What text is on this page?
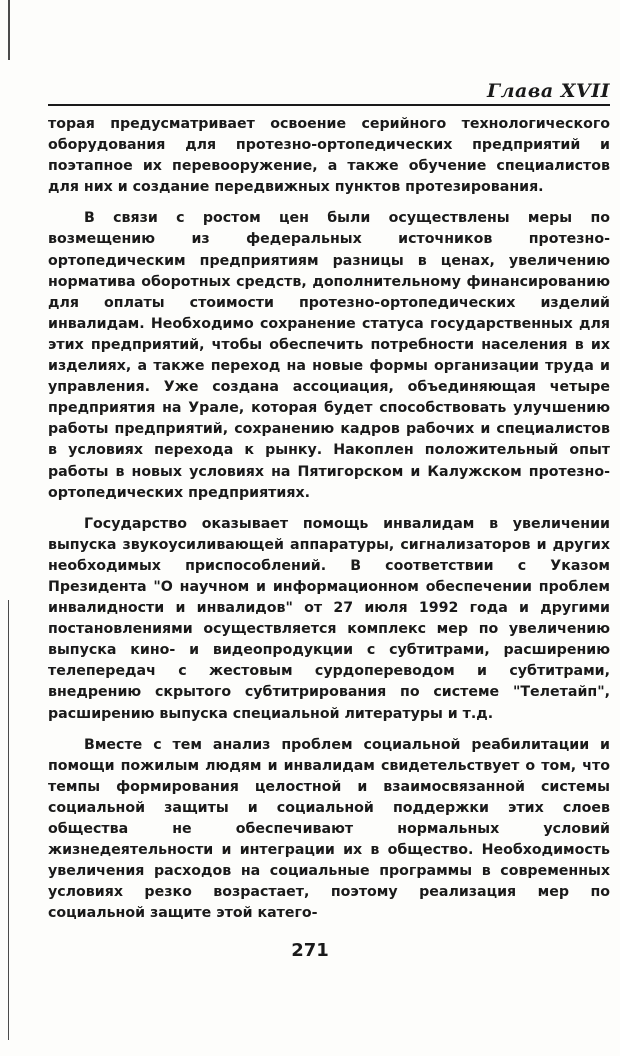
Глава XVII

торая предусматривает освоение серийного технологического оборудования для протезно-ортопедических предприятий и поэтапное их перевооружение, а также обучение специалистов для них и создание передвижных пунктов протезирования.

В связи с ростом цен были осуществлены меры по возмещению из федеральных источников протезно-ортопедическим предприятиям разницы в ценах, увеличению норматива оборотных средств, дополнительному финансированию для оплаты стоимости протезно-ортопедических изделий инвалидам. Необходимо сохранение статуса государственных для этих предприятий, чтобы обеспечить потребности населения в их изделиях, а также переход на новые формы организации труда и управления. Уже создана ассоциация, объединяющая четыре предприятия на Урале, которая будет способствовать улучшению работы предприятий, сохранению кадров рабочих и специалистов в условиях перехода к рынку. Накоплен положительный опыт работы в новых условиях на Пятигорском и Калужском протезно-ортопедических предприятиях.

Государство оказывает помощь инвалидам в увеличении выпуска звукоусиливающей аппаратуры, сигнализаторов и других необходимых приспособлений. В соответствии с Указом Президента "О научном и информационном обеспечении проблем инвалидности и инвалидов" от 27 июля 1992 года и другими постановлениями осуществляется комплекс мер по увеличению выпуска кино- и видеопродукции с субтитрами, расширению телепередач с жестовым сурдопереводом и субтитрами, внедрению скрытого субтитрирования по системе "Телетайп", расширению выпуска специальной литературы и т.д.

Вместе с тем анализ проблем социальной реабилитации и помощи пожилым людям и инвалидам свидетельствует о том, что темпы формирования целостной и взаимосвязанной системы социальной защиты и социальной поддержки этих слоев общества не обеспечивают нормальных условий жизнедеятельности и интеграции их в общество. Необходимость увеличения расходов на социальные программы в современных условиях резко возрастает, поэтому реализация мер по социальной защите этой катего-

271
